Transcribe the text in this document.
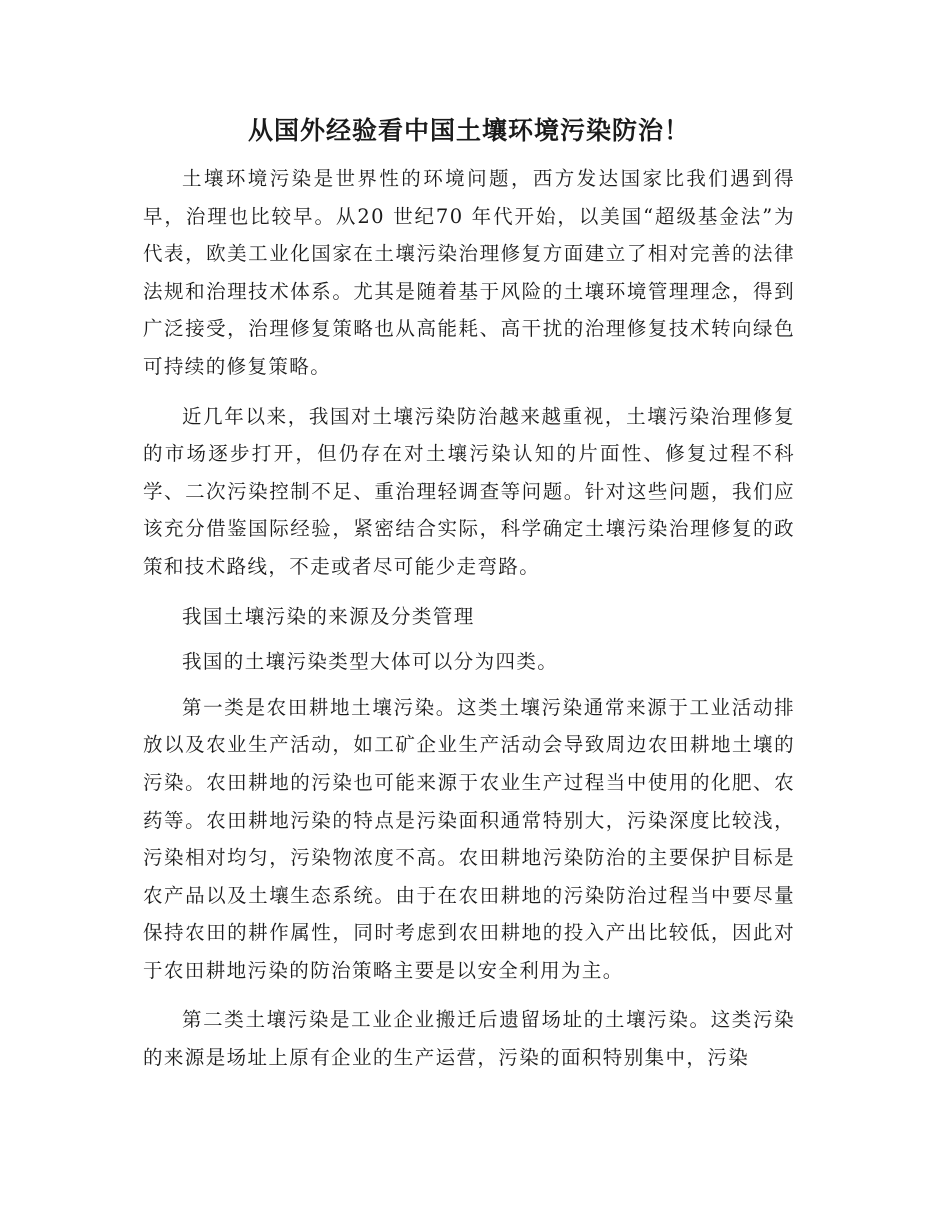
从国外经验看中国土壤环境污染防治！

土壤环境污染是世界性的环境问题，西方发达国家比我们遇到得早，治理也比较早。从20 世纪70 年代开始，以美国“超级基金法”为代表，欧美工业化国家在土壤污染治理修复方面建立了相对完善的法律法规和治理技术体系。尤其是随着基于风险的土壤环境管理理念，得到广泛接受，治理修复策略也从高能耗、高干扰的治理修复技术转向绿色可持续的修复策略。

近几年以来，我国对土壤污染防治越来越重视，土壤污染治理修复的市场逐步打开，但仍存在对土壤污染认知的片面性、修复过程不科学、二次污染控制不足、重治理轻调查等问题。针对这些问题，我们应该充分借鉴国际经验，紧密结合实际，科学确定土壤污染治理修复的政策和技术路线，不走或者尽可能少走弯路。

我国土壤污染的来源及分类管理

我国的土壤污染类型大体可以分为四类。

第一类是农田耕地土壤污染。这类土壤污染通常来源于工业活动排放以及农业生产活动，如工矿企业生产活动会导致周边农田耕地土壤的污染。农田耕地的污染也可能来源于农业生产过程当中使用的化肥、农药等。农田耕地污染的特点是污染面积通常特别大，污染深度比较浅，污染相对均匀，污染物浓度不高。农田耕地污染防治的主要保护目标是农产品以及土壤生态系统。由于在农田耕地的污染防治过程当中要尽量保持农田的耕作属性，同时考虑到农田耕地的投入产出比较低，因此对于农田耕地污染的防治策略主要是以安全利用为主。

第二类土壤污染是工业企业搬迁后遗留场址的土壤污染。这类污染的来源是场址上原有企业的生产运营，污染的面积特别集中，污染
